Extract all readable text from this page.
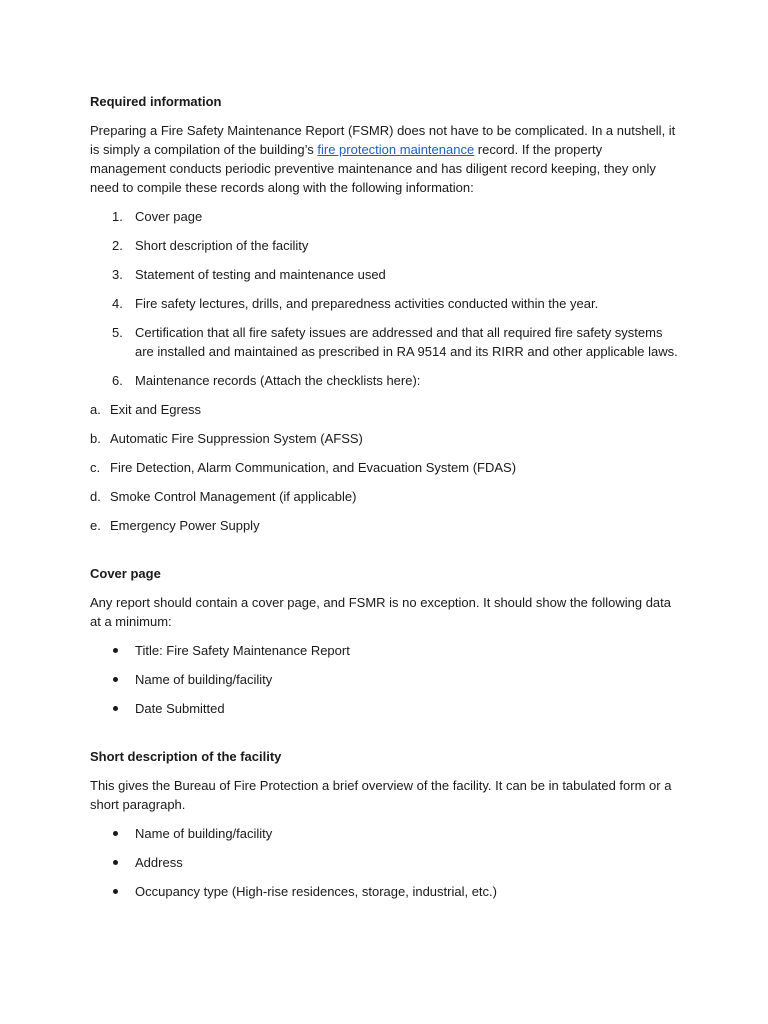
Required information
Preparing a Fire Safety Maintenance Report (FSMR) does not have to be complicated. In a nutshell, it is simply a compilation of the building’s fire protection maintenance record. If the property management conducts periodic preventive maintenance and has diligent record keeping, they only need to compile these records along with the following information:
1. Cover page
2. Short description of the facility
3. Statement of testing and maintenance used
4. Fire safety lectures, drills, and preparedness activities conducted within the year.
5. Certification that all fire safety issues are addressed and that all required fire safety systems are installed and maintained as prescribed in RA 9514 and its RIRR and other applicable laws.
6. Maintenance records (Attach the checklists here):
a. Exit and Egress
b. Automatic Fire Suppression System (AFSS)
c. Fire Detection, Alarm Communication, and Evacuation System (FDAS)
d. Smoke Control Management (if applicable)
e. Emergency Power Supply
Cover page
Any report should contain a cover page, and FSMR is no exception. It should show the following data at a minimum:
Title: Fire Safety Maintenance Report
Name of building/facility
Date Submitted
Short description of the facility
This gives the Bureau of Fire Protection a brief overview of the facility. It can be in tabulated form or a short paragraph.
Name of building/facility
Address
Occupancy type (High-rise residences, storage, industrial, etc.)
